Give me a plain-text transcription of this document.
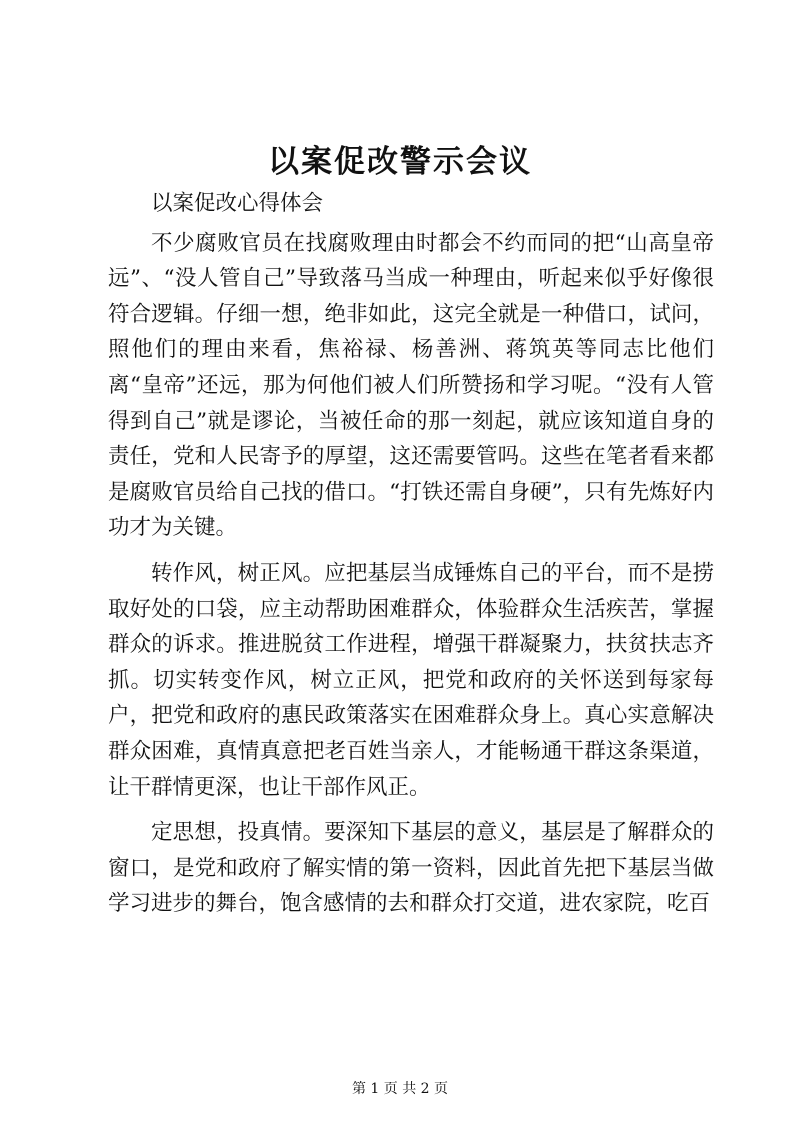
以案促改警示会议

以案促改心得体会

不少腐败官员在找腐败理由时都会不约而同的把“山高皇帝远”、“没人管自己”导致落马当成一种理由，听起来似乎好像很符合逻辑。仔细一想，绝非如此，这完全就是一种借口，试问，照他们的理由来看，焦裕禄、杨善洲、蒋筑英等同志比他们离“皇帝”还远，那为何他们被人们所赞扬和学习呢。“没有人管得到自己”就是谬论，当被任命的那一刻起，就应该知道自身的责任，党和人民寄予的厚望，这还需要管吗。这些在笔者看来都是腐败官员给自己找的借口。“打铁还需自身硬”，只有先炼好内功才为关键。

转作风，树正风。应把基层当成锤炼自己的平台，而不是捞取好处的口袋，应主动帮助困难群众，体验群众生活疾苦，掌握群众的诉求。推进脱贫工作进程，增强干群凝聚力，扶贫扶志齐抓。切实转变作风，树立正风，把党和政府的关怀送到每家每户，把党和政府的惠民政策落实在困难群众身上。真心实意解决群众困难，真情真意把老百姓当亲人，才能畅通干群这条渠道，让干群情更深，也让干部作风正。

定思想，投真情。要深知下基层的意义，基层是了解群众的窗口，是党和政府了解实情的第一资料，因此首先把下基层当做学习进步的舞台，饱含感情的去和群众打交道，进农家院，吃百

第 1 页 共 2 页
